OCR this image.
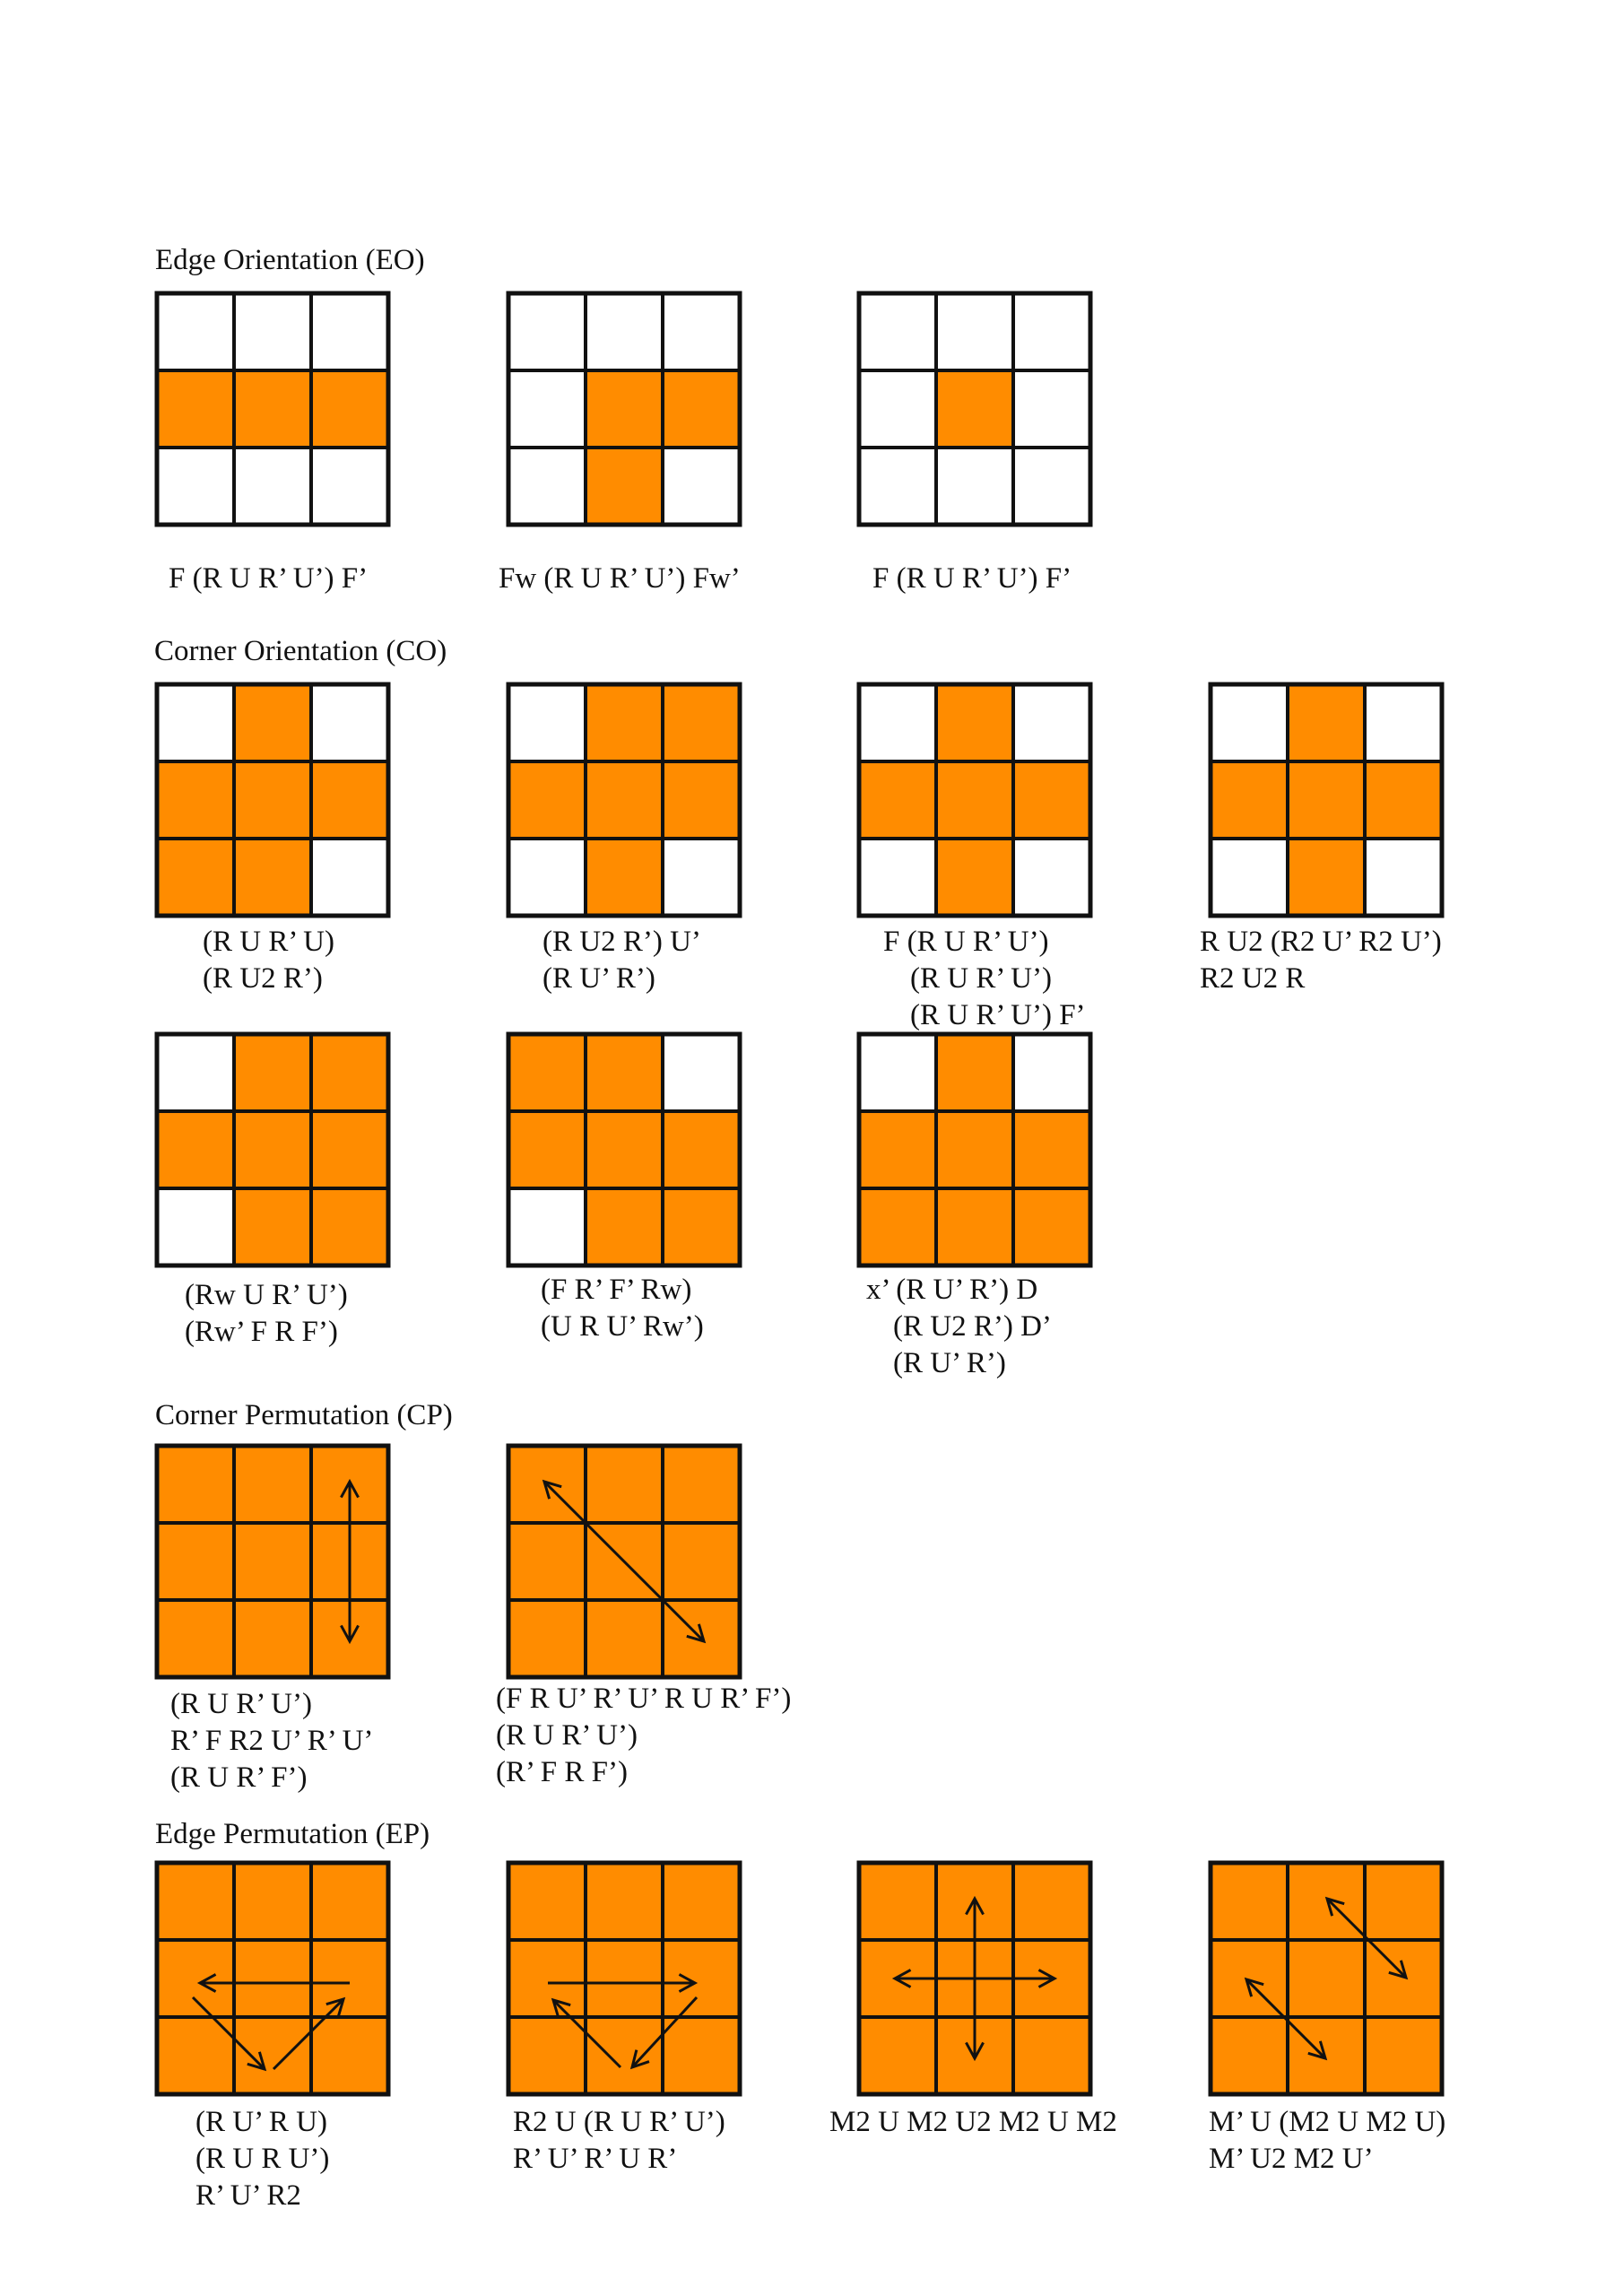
Edge Orientation (EO)
F (R U R’ U’) F’	Fw (R U R’ U’) Fw’	F (R U R’ U’) F’
Corner Orientation (CO)
(R U R’ U)
(R U2 R’)
(R U2 R’) U’
(R U’ R’)
F (R U R’ U’)
(R U R’ U’)
(R U R’ U’) F’
R U2 (R2 U’ R2 U’)
R2 U2 R
(Rw U R’ U’)
(Rw’ F R F’)
(F R’ F’ Rw)
(U R U’ Rw’)
x’ (R U’ R’) D
(R U2 R’) D’
(R U’ R’)
Corner Permutation (CP)
(R U R’ U’)
R’ F R2 U’ R’ U’
(R U R’ F’)
(F R U’ R’ U’ R U R’ F’)
(R U R’ U’)
(R’ F R F’)
Edge Permutation (EP)
(R U’ R U)
(R U R U’)
R’ U’ R2
R2 U (R U R’ U’)
R’ U’ R’ U R’
M2 U M2 U2 M2 U M2	M’ U (M2 U M2 U)
M’ U2 M2 U’
